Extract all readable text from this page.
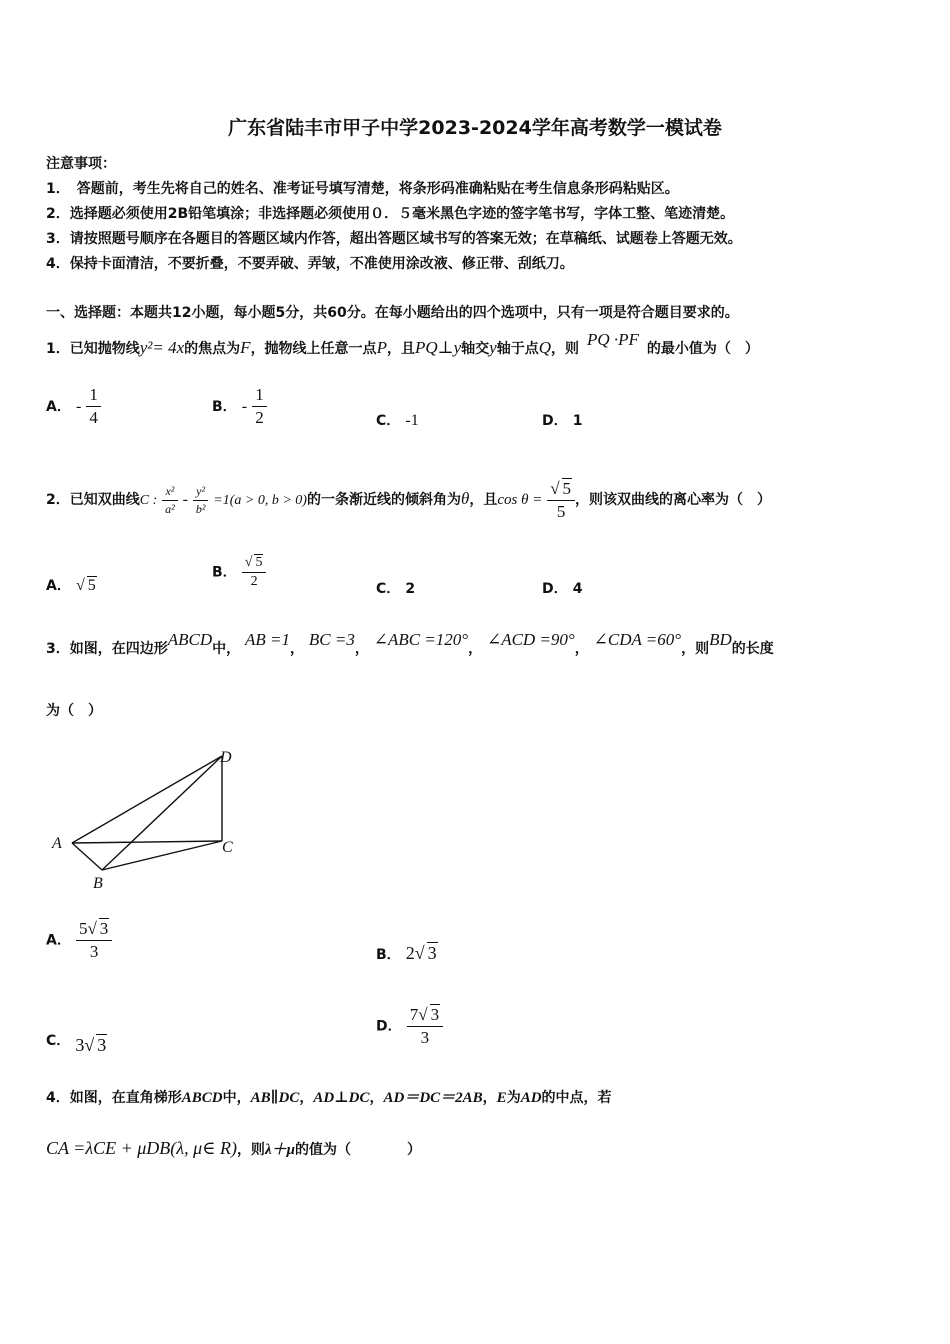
广东省陆丰市甲子中学2023-2024学年高考数学一模试卷
注意事项：
1．　答题前，考生先将自己的姓名、准考证号填写清楚，将条形码准确粘贴在考生信息条形码粘贴区。
2．选择题必须使用2B铅笔填涂；非选择题必须使用０．５毫米黑色字迹的签字笔书写，字体工整、笔迹清楚。
3．请按照题号顺序在各题目的答题区域内作答，超出答题区域书写的答案无效；在草稿纸、试题卷上答题无效。
4．保持卡面清洁，不要折叠，不要弄破、弄皱，不准使用涂改液、修正带、刮纸刀。
一、选择题：本题共12小题，每小题5分，共60分。在每小题给出的四个选项中，只有一项是符合题目要求的。
1．已知抛物线y²= 4x的焦点为F，抛物线上任意一点P，且PQ⊥y轴交y轴于点Q，则 PQ ·PF 的最小值为（　）
A． - $\frac{1}{4}$	B． - $\frac{1}{2}$	C． -1	D． 1
2．已知双曲线C : $\frac{\text{x²}}{\text{a²}} - \frac{\text{y²}}{\text{b²}} =1(a > 0$, b > 0)的一条渐近线的倾斜角为θ，且$\cos \theta = \frac{√ 5}{5}$ ，则该双曲线的离心率为（　）
A． √ 5
B． $\frac{√ 5}{2}$	C． 2	D． 4
3．如图，在四边形ABCD中， AB =1， BC =3， ∠ABC =120°， ∠ACD =90°， ∠CDA =60°，则BD的长度
为（　）
A
B
C
D
A． $\frac{5√ 3}{3}$	B． 2√ 3
C． 3√ 3
D． $\frac{7√ 3}{3}$
4．如图，在直角梯形ABCD中，AB∥DC，AD⊥DC，AD＝DC＝2AB，E为AD的中点，若
CA =λCE + μDB(λ, μ∈ R)，则λ＋μ的值为（　　　　）
